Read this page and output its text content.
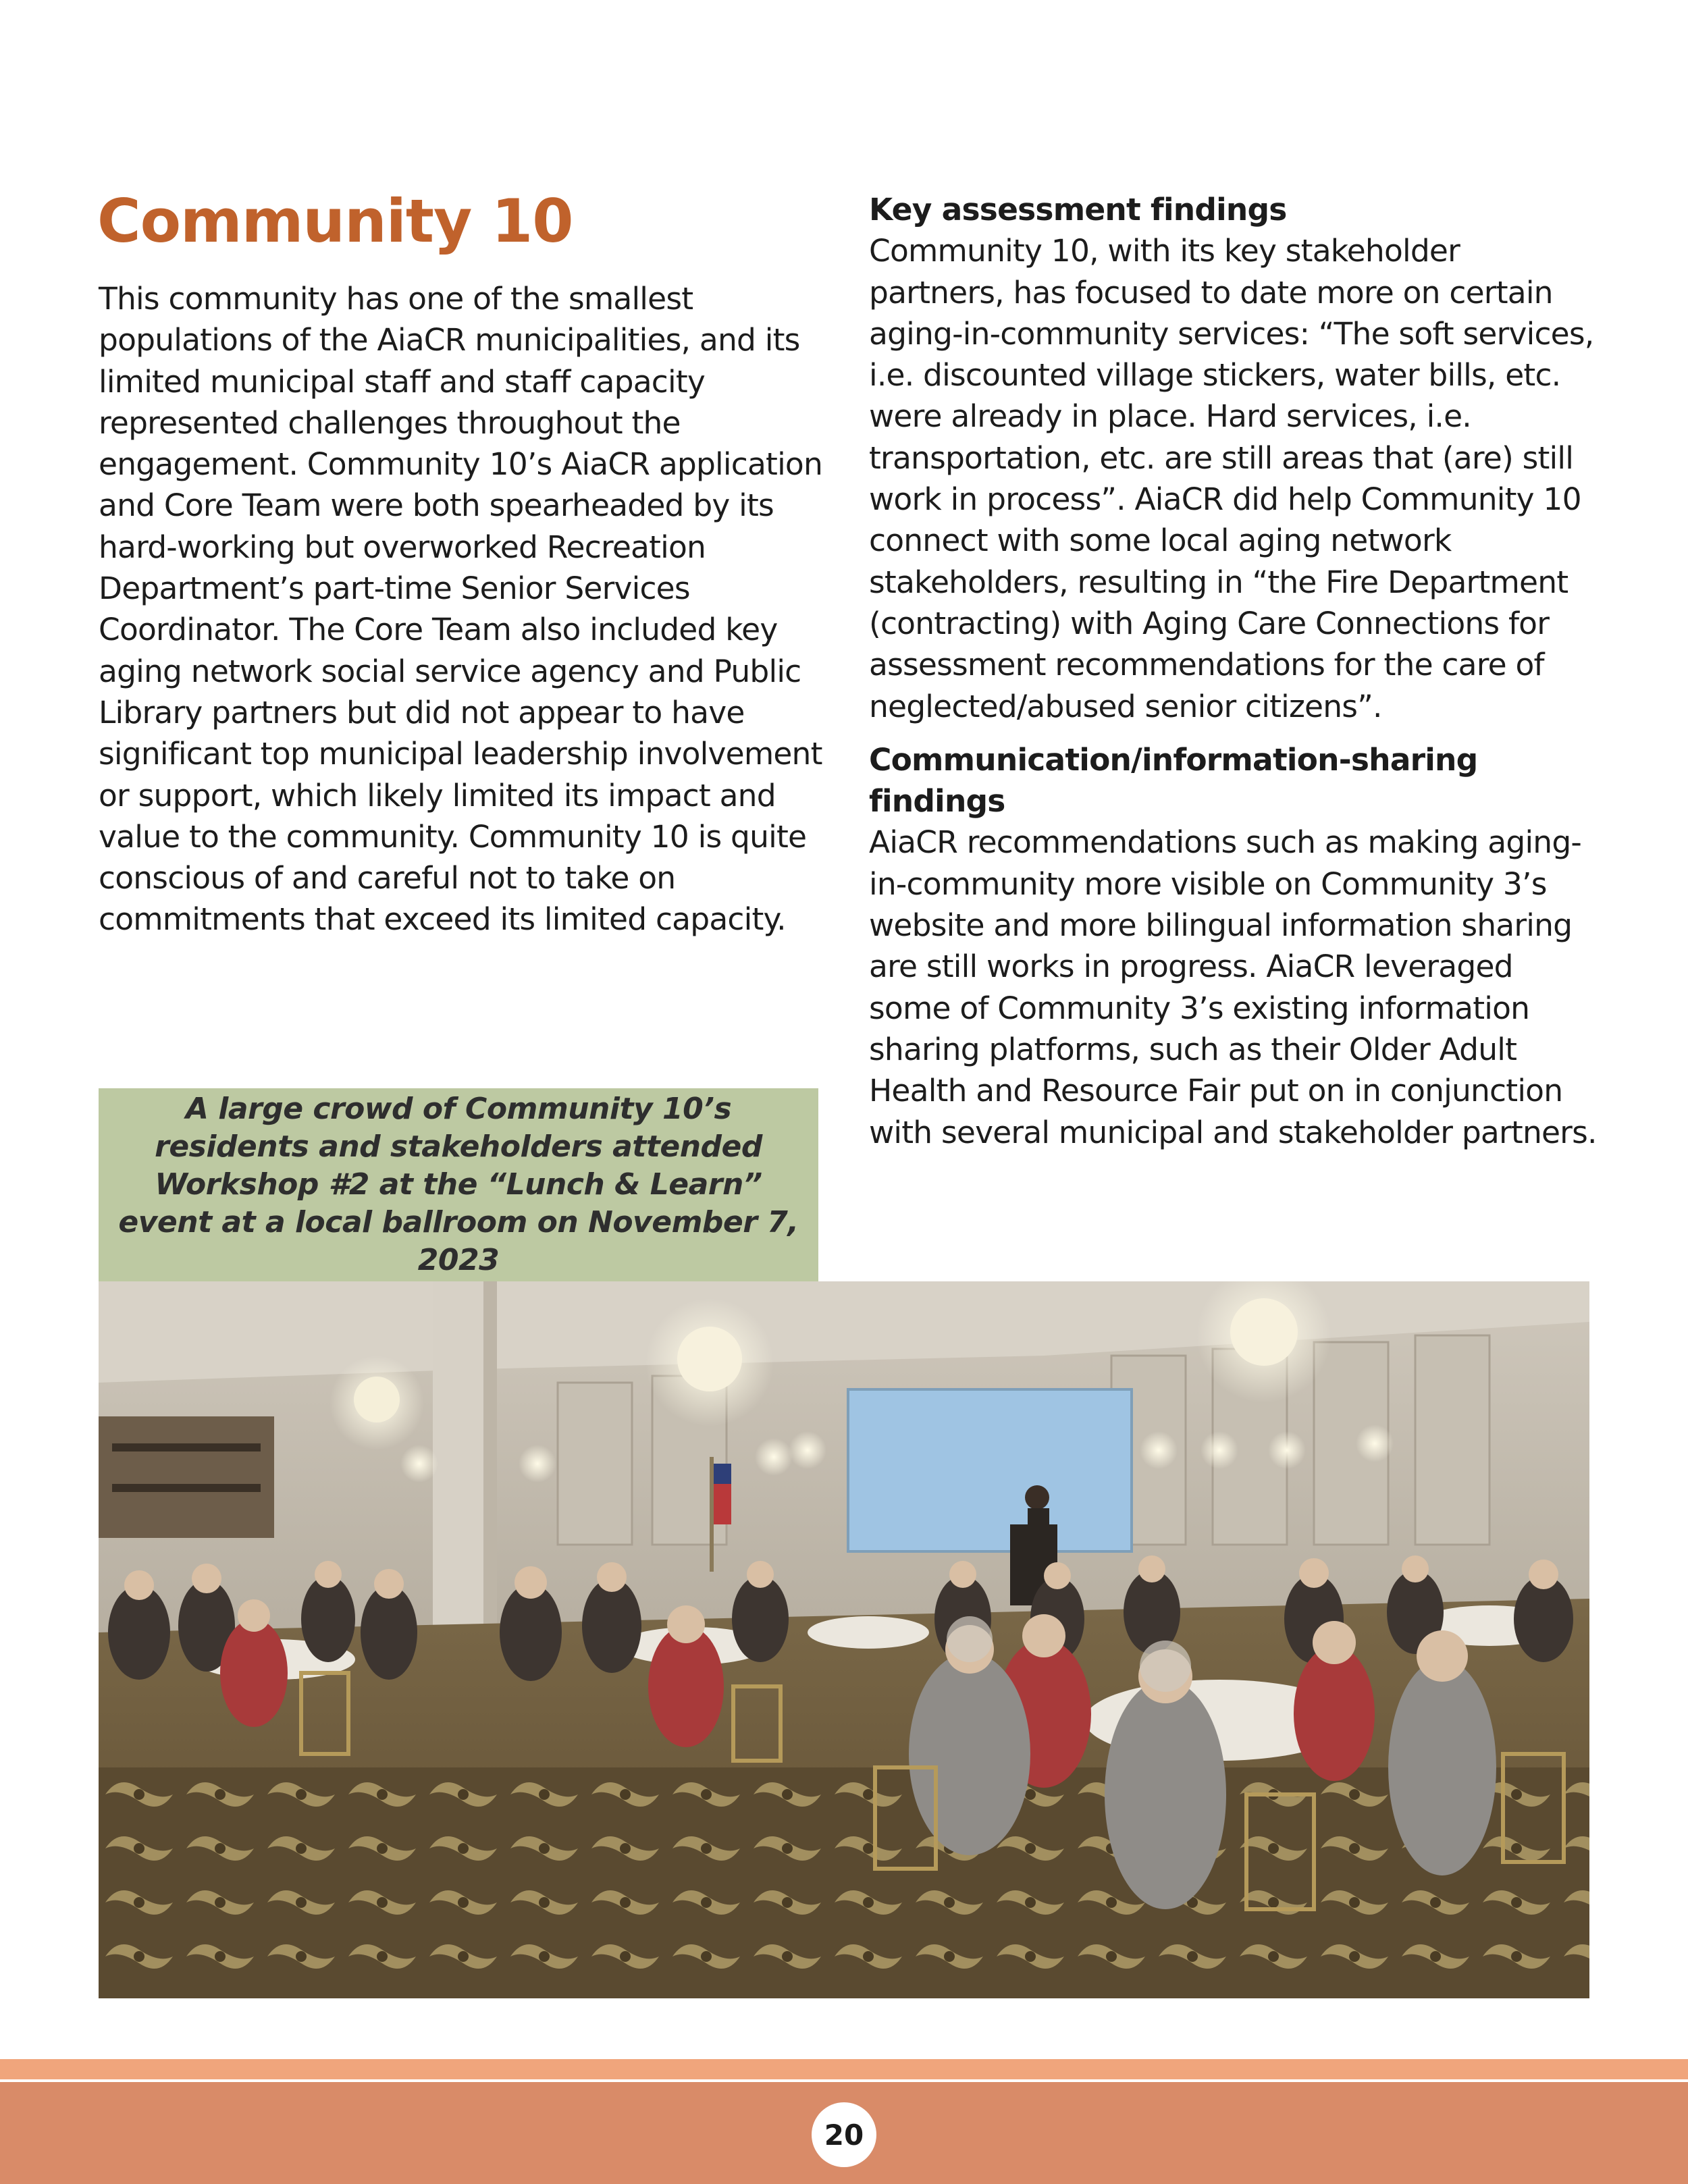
Community 10

This community has one of the smallest populations of the AiaCR municipalities, and its limited municipal staff and staff capacity represented challenges throughout the engagement. Community 10’s AiaCR application and Core Team were both spearheaded by its hard-working but overworked Recreation Department’s part-time Senior Services Coordinator. The Core Team also included key aging network social service agency and Public Library partners but did not appear to have significant top municipal leadership involvement or support, which likely limited its impact and value to the community. Community 10 is quite conscious of and careful not to take on commitments that exceed its limited capacity.

Key assessment findings

Community 10, with its key stakeholder partners, has focused to date more on certain aging-in-community services: “The soft services, i.e. discounted village stickers, water bills, etc. were already in place. Hard services, i.e. transportation, etc. are still areas that (are) still work in process”. AiaCR did help Community 10 connect with some local aging network stakeholders, resulting in “the Fire Department (contracting) with Aging Care Connections for assessment recommendations for the care of neglected/abused senior citizens”.

Communication/information-sharing findings

AiaCR recommendations such as making aging-in-community more visible on Community 3’s website and more bilingual information sharing are still works in progress. AiaCR leveraged some of Community 3’s existing information sharing platforms, such as their Older Adult Health and Resource Fair put on in conjunction with several municipal and stakeholder partners.

A large crowd of Community 10’s residents and stakeholders attended Workshop #2 at the “Lunch & Learn” event at a local ballroom on November 7, 2023

20
